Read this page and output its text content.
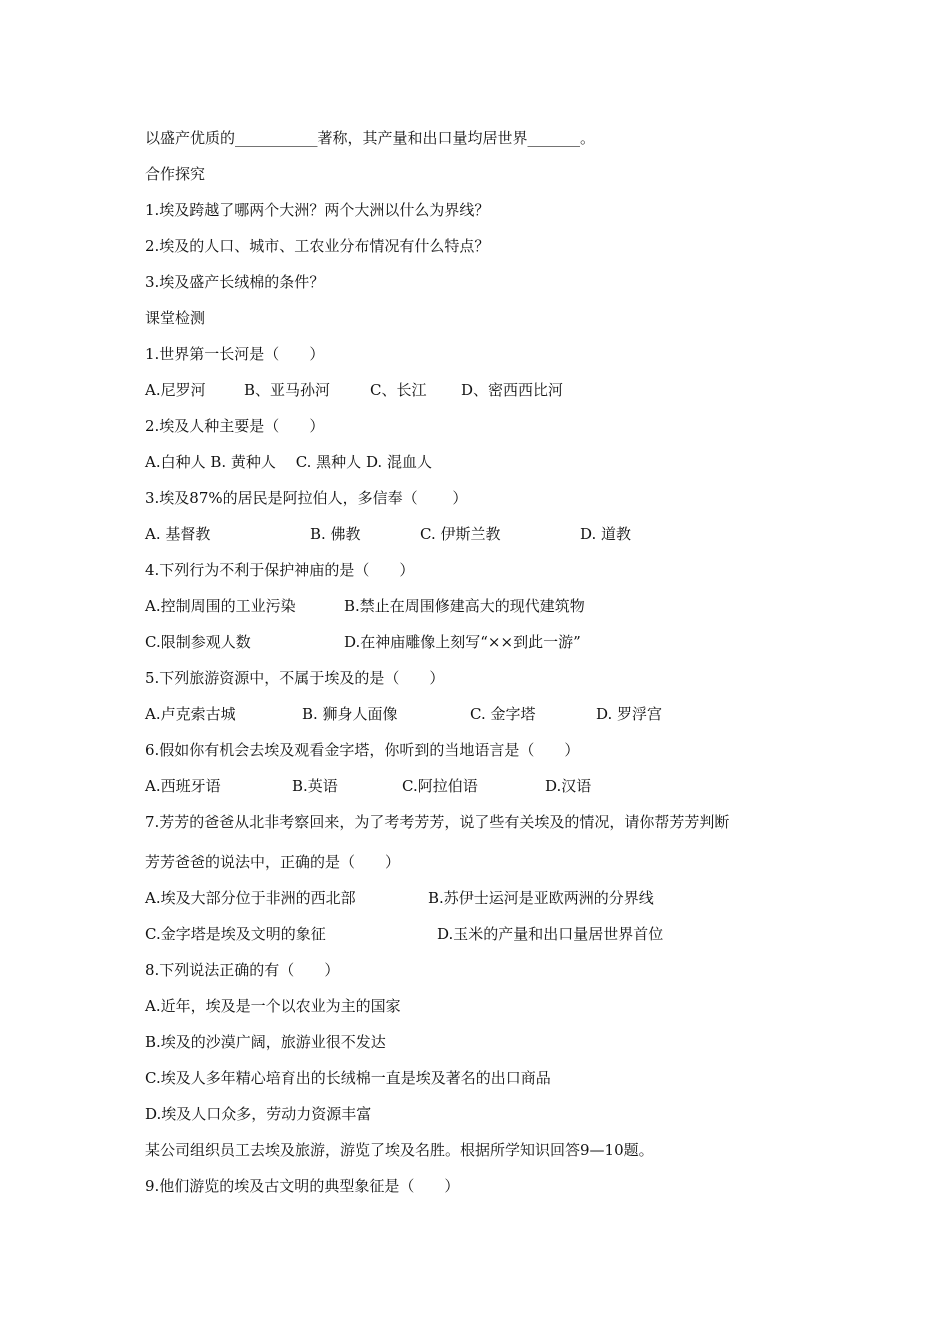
以盛产优质的___________著称，其产量和出口量均居世界_______。
合作探究
1.埃及跨越了哪两个大洲？两个大洲以什么为界线？
2.埃及的人口、城市、工农业分布情况有什么特点？
3.埃及盛产长绒棉的条件？
课堂检测
1.世界第一长河是（　　）
A.尼罗河	B、亚马孙河	C、长江 D、密西西比河
2.埃及人种主要是（　　）
A.白种人 B. 黄种人　 C. 黑种人 D. 混血人
3.埃及87%的居民是阿拉伯人，多信奉（　　 ）
A. 基督教	B. 佛教	C. 伊斯兰教	D. 道教
4.下列行为不利于保护神庙的是（　　）
A.控制周围的工业污染	B.禁止在周围修建高大的现代建筑物
C.限制参观人数	D.在神庙雕像上刻写“××到此一游”
5.下列旅游资源中，不属于埃及的是（　　）
A.卢克索古城	B. 狮身人面像	C. 金字塔	D. 罗浮宫
6.假如你有机会去埃及观看金字塔，你听到的当地语言是（　　）
A.西班牙语	B.英语	C.阿拉伯语	D.汉语
7.芳芳的爸爸从北非考察回来，为了考考芳芳，说了些有关埃及的情况，请你帮芳芳判断
芳芳爸爸的说法中，正确的是（　　）
A.埃及大部分位于非洲的西北部	B.苏伊士运河是亚欧两洲的分界线
C.金字塔是埃及文明的象征	D.玉米的产量和出口量居世界首位
8.下列说法正确的有（　　）
A.近年，埃及是一个以农业为主的国家
B.埃及的沙漠广阔，旅游业很不发达
C.埃及人多年精心培育出的长绒棉一直是埃及著名的出口商品
D.埃及人口众多，劳动力资源丰富
某公司组织员工去埃及旅游，游览了埃及名胜。根据所学知识回答9—10题。
9.他们游览的埃及古文明的典型象征是（　　）
